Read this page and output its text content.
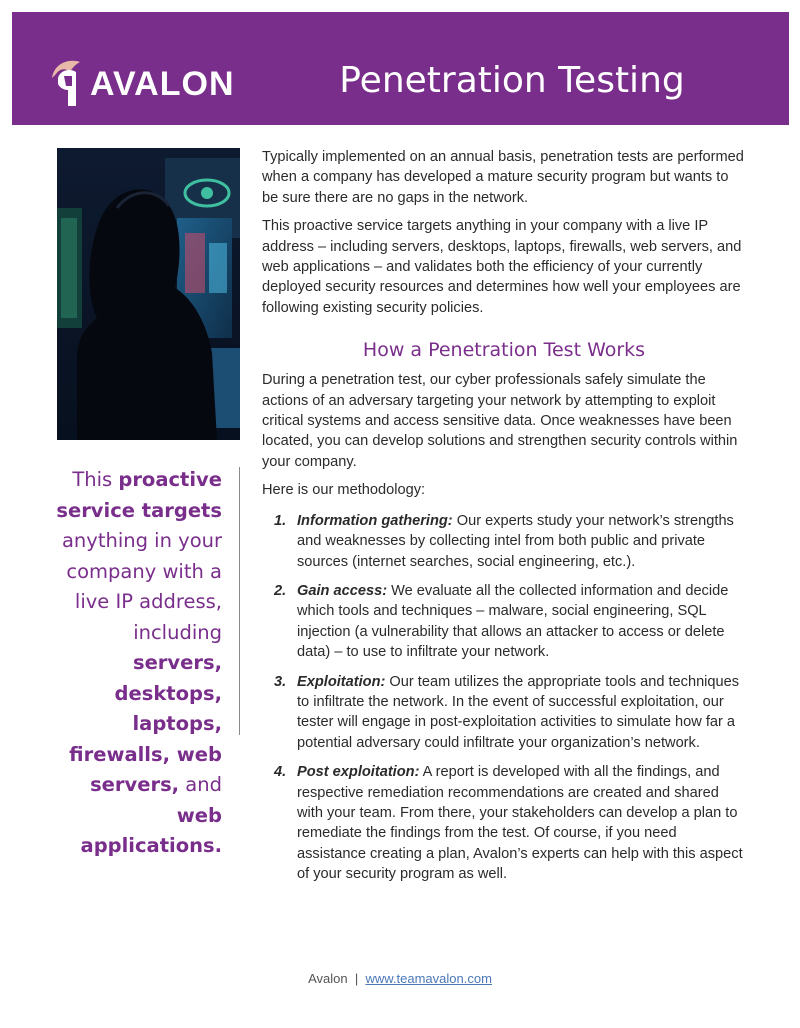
AVALON	Penetration Testing
This proactive service targets anything in your company with a live IP address, including servers, desktops, laptops, firewalls, web servers, and web applications.

Typically implemented on an annual basis, penetration tests are performed when a company has developed a mature security program but wants to be sure there are no gaps in the network.

This proactive service targets anything in your company with a live IP address – including servers, desktops, laptops, firewalls, web servers, and web applications – and validates both the efficiency of your currently deployed security resources and determines how well your employees are following existing security policies.

How a Penetration Test Works

During a penetration test, our cyber professionals safely simulate the actions of an adversary targeting your network by attempting to exploit critical systems and access sensitive data. Once weaknesses have been located, you can develop solutions and strengthen security controls within your company.

Here is our methodology:

1. Information gathering: Our experts study your network’s strengths and weaknesses by collecting intel from both public and private sources (internet searches, social engineering, etc.).
2. Gain access: We evaluate all the collected information and decide which tools and techniques – malware, social engineering, SQL injection (a vulnerability that allows an attacker to access or delete data) – to use to infiltrate your network.
3. Exploitation: Our team utilizes the appropriate tools and techniques to infiltrate the network. In the event of successful exploitation, our tester will engage in post-exploitation activities to simulate how far a potential adversary could infiltrate your organization’s network.
4. Post exploitation: A report is developed with all the findings, and respective remediation recommendations are created and shared with your team. From there, your stakeholders can develop a plan to remediate the findings from the test. Of course, if you need assistance creating a plan, Avalon’s experts can help with this aspect of your security program as well.
Avalon | www.teamavalon.com
